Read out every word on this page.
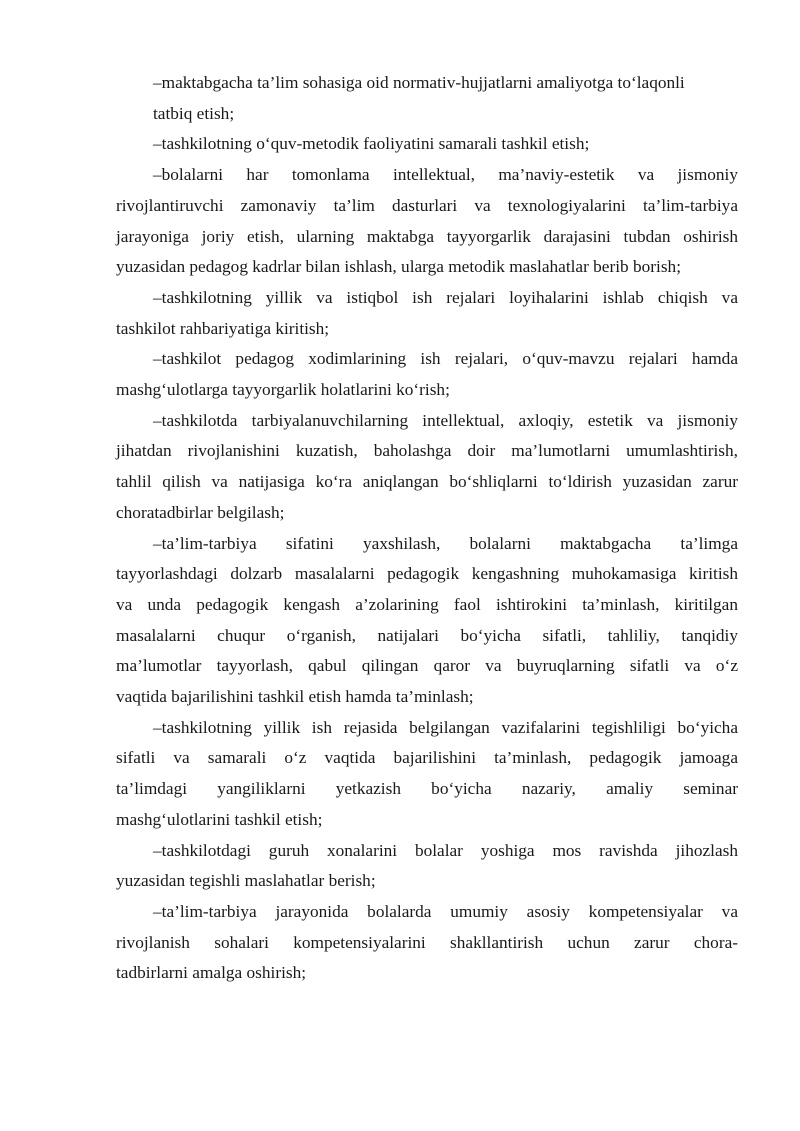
–maktabgacha ta’lim sohasiga oid normativ-hujjatlarni amaliyotga to‘laqonli
tatbiq etish;

–tashkilotning o‘quv-metodik faoliyatini samarali tashkil etish;

–bolalarni har tomonlama intellektual, ma’naviy-estetik va jismoniy
rivojlantiruvchi zamonaviy ta’lim dasturlari va texnologiyalarini ta’lim-tarbiya
jarayoniga joriy etish, ularning maktabga tayyorgarlik darajasini tubdan oshirish
yuzasidan pedagog kadrlar bilan ishlash, ularga metodik maslahatlar berib borish;

–tashkilotning yillik va istiqbol ish rejalari loyihalarini ishlab chiqish va
tashkilot rahbariyatiga kiritish;

–tashkilot pedagog xodimlarining ish rejalari, o‘quv-mavzu rejalari hamda
mashg‘ulotlarga tayyorgarlik holatlarini ko‘rish;

–tashkilotda tarbiyalanuvchilarning intellektual, axloqiy, estetik va jismoniy
jihatdan rivojlanishini kuzatish, baholashga doir ma’lumotlarni umumlashtirish,
tahlil qilish va natijasiga ko‘ra aniqlangan bo‘shliqlarni to‘ldirish yuzasidan zarur
choratadbirlar belgilash;

–ta’lim-tarbiya sifatini yaxshilash, bolalarni maktabgacha ta’limga
tayyorlashdagi dolzarb masalalarni pedagogik kengashning muhokamasiga kiritish
va unda pedagogik kengash a’zolarining faol ishtirokini ta’minlash, kiritilgan
masalalarni chuqur o‘rganish, natijalari bo‘yicha sifatli, tahliliy, tanqidiy
ma’lumotlar tayyorlash, qabul qilingan qaror va buyruqlarning sifatli va o‘z
vaqtida bajarilishini tashkil etish hamda ta’minlash;

–tashkilotning yillik ish rejasida belgilangan vazifalarini tegishliligi bo‘yicha
sifatli va samarali o‘z vaqtida bajarilishini ta’minlash, pedagogik jamoaga
ta’limdagi yangiliklarni yetkazish bo‘yicha nazariy, amaliy seminar
mashg‘ulotlarini tashkil etish;

–tashkilotdagi guruh xonalarini bolalar yoshiga mos ravishda jihozlash
yuzasidan tegishli maslahatlar berish;

–ta’lim-tarbiya jarayonida bolalarda umumiy asosiy kompetensiyalar va
rivojlanish sohalari kompetensiyalarini shakllantirish uchun zarur chora-
tadbirlarni amalga oshirish;
